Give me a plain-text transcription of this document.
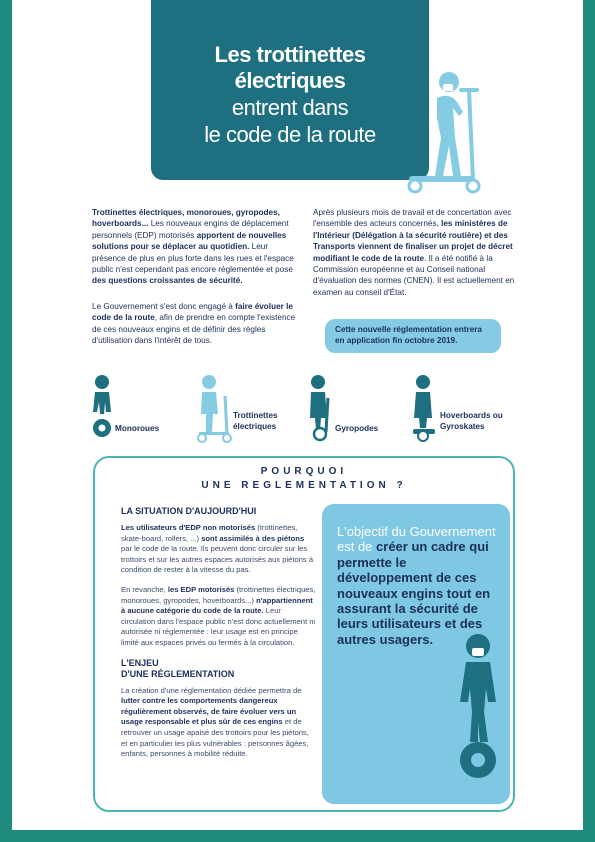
Les trottinettes
électriques
entrent dans
le code de la route

Trottinettes électriques, monoroues, gyropodes, hoverboards... Les nouveaux engins de déplacement personnels (EDP) motorisés apportent de nouvelles solutions pour se déplacer au quotidien. Leur présence de plus en plus forte dans les rues et l'espace public n'est cependant pas encore réglementée et pose des questions croissantes de sécurité.

Le Gouvernement s'est donc engagé à faire évoluer le code de la route, afin de prendre en compte l'existence de ces nouveaux engins et de définir des règles d'utilisation dans l'intérêt de tous.

Après plusieurs mois de travail et de concertation avec l'ensemble des acteurs concernés, les ministères de l'Intérieur (Délégation à la sécurité routière) et des Transports viennent de finaliser un projet de décret modifiant le code de la route. Il a été notifié à la Commission européenne et au Conseil national d'évaluation des normes (CNEN). Il est actuellement en examen au conseil d'État.

Cette nouvelle réglementation entrera en application fin octobre 2019.
Monoroues
Trottinettes électriques	Gyropodes
Hoverboards ou Gyroskates
POURQUOI
UNE REGLEMENTATION ?
LA SITUATION D'AUJOURD'HUI

Les utilisateurs d'EDP non motorisés (trottinettes, skate-board, rollers, ...) sont assimilés à des piétons par le code de la route. Ils peuvent donc circuler sur les trottoirs et sur les autres espaces autorisés aux piétons à condition de rester à la vitesse du pas.

En revanche, les EDP motorisés (trottinettes électriques, monoroues, gyropodes, hoverboards...) n'appartiennent à aucune catégorie du code de la route. Leur circulation dans l'espace public n'est donc actuellement ni autorisée ni réglementée : leur usage est en principe limité aux espaces privés ou fermés à la circulation.

L'ENJEU
D'UNE RÉGLEMENTATION

La création d'une réglementation dédiée permettra de lutter contre les comportements dangereux régulièrement observés, de faire évoluer vers un usage responsable et plus sûr de ces engins et de retrouver un usage apaisé des trottoirs pour les piétons, et en particulier les plus vulnérables : personnes âgées, enfants, personnes à mobilité réduite.

L'objectif du Gouvernement est de créer un cadre qui permette le développement de ces nouveaux engins tout en assurant la sécurité de leurs utilisateurs et des autres usagers.
